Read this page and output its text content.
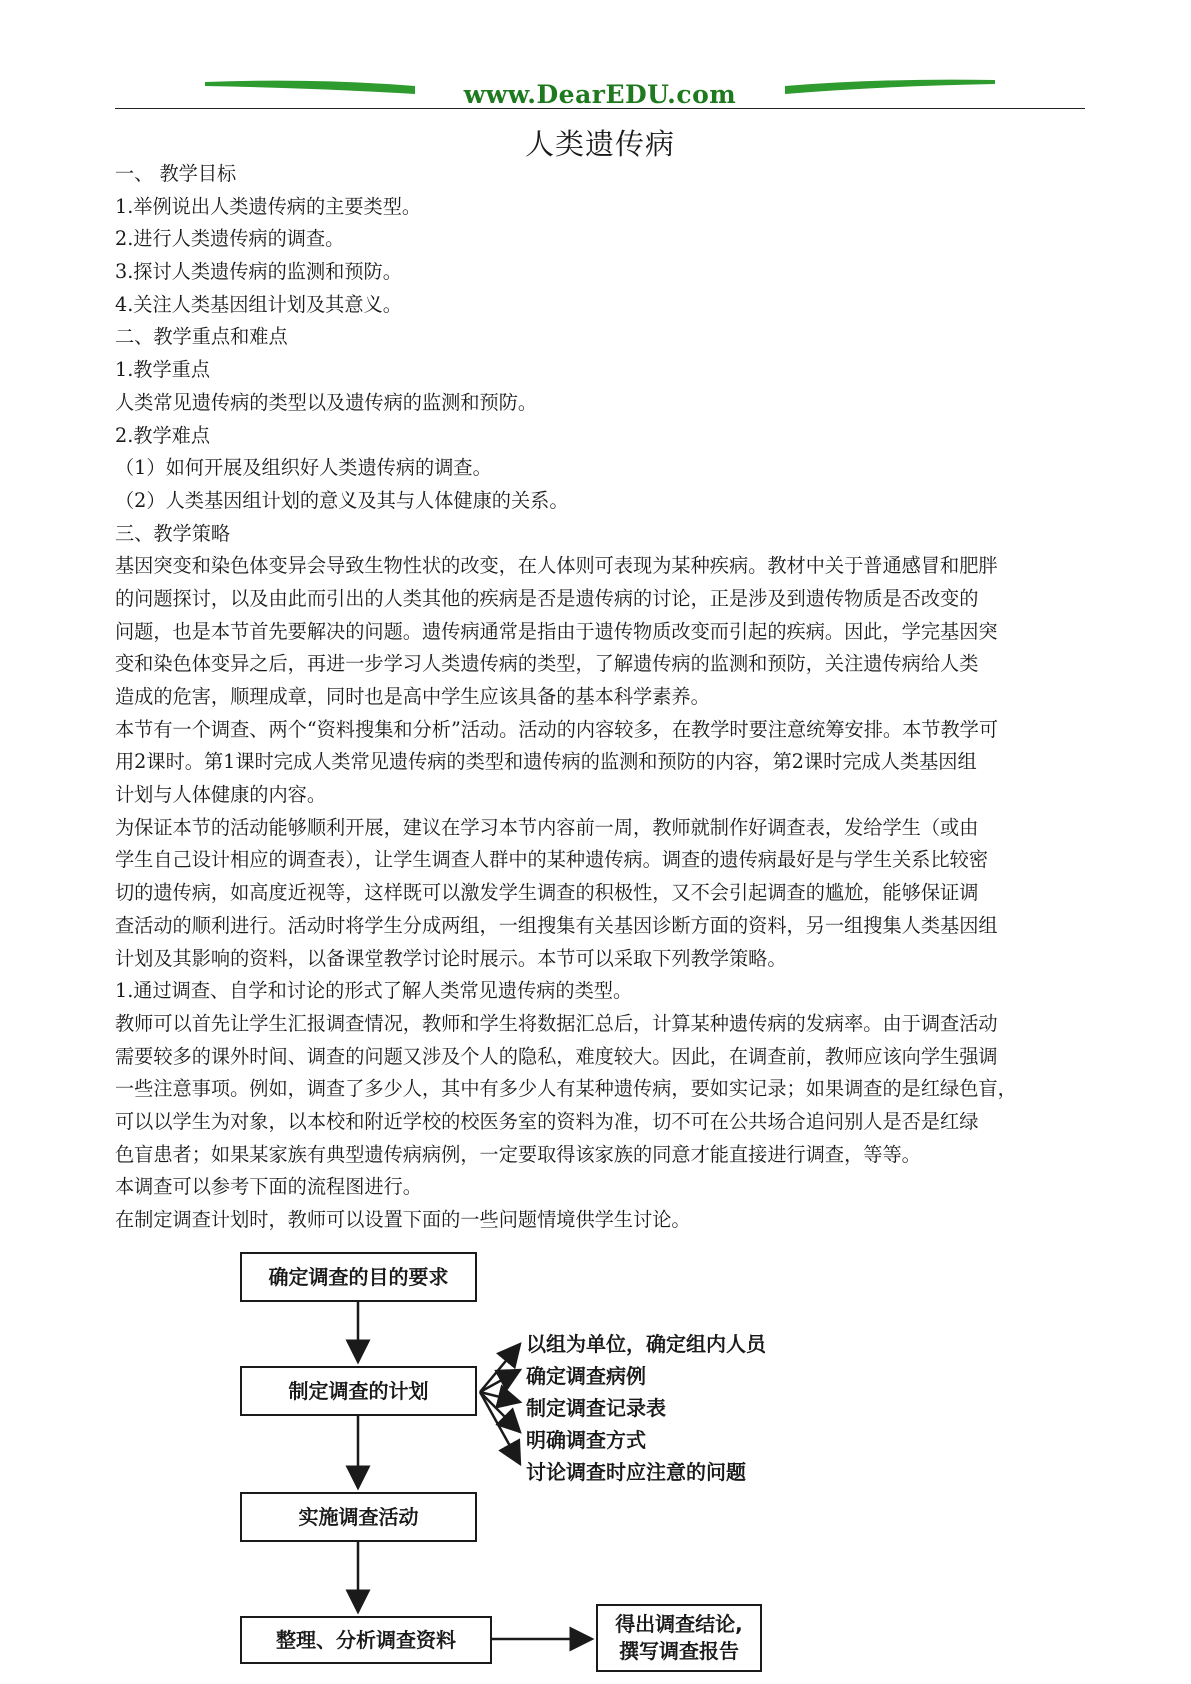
www.DearEDU.com
人类遗传病
一、 教学目标
1.举例说出人类遗传病的主要类型。
2.进行人类遗传病的调查。
3.探讨人类遗传病的监测和预防。
4.关注人类基因组计划及其意义。
二、教学重点和难点
1.教学重点
人类常见遗传病的类型以及遗传病的监测和预防。
2.教学难点
（1）如何开展及组织好人类遗传病的调查。
（2）人类基因组计划的意义及其与人体健康的关系。
三、教学策略
基因突变和染色体变异会导致生物性状的改变，在人体则可表现为某种疾病。教材中关于普通感冒和肥胖
的问题探讨，以及由此而引出的人类其他的疾病是否是遗传病的讨论，正是涉及到遗传物质是否改变的
问题，也是本节首先要解决的问题。遗传病通常是指由于遗传物质改变而引起的疾病。因此，学完基因突
变和染色体变异之后，再进一步学习人类遗传病的类型，了解遗传病的监测和预防，关注遗传病给人类
造成的危害，顺理成章，同时也是高中学生应该具备的基本科学素养。
本节有一个调查、两个“资料搜集和分析”活动。活动的内容较多，在教学时要注意统筹安排。本节教学可
用2课时。第1课时完成人类常见遗传病的类型和遗传病的监测和预防的内容，第2课时完成人类基因组
计划与人体健康的内容。
为保证本节的活动能够顺利开展，建议在学习本节内容前一周，教师就制作好调查表，发给学生（或由
学生自己设计相应的调查表），让学生调查人群中的某种遗传病。调查的遗传病最好是与学生关系比较密
切的遗传病，如高度近视等，这样既可以激发学生调查的积极性，又不会引起调查的尴尬，能够保证调
查活动的顺利进行。活动时将学生分成两组，一组搜集有关基因诊断方面的资料，另一组搜集人类基因组
计划及其影响的资料，以备课堂教学讨论时展示。本节可以采取下列教学策略。
1.通过调查、自学和讨论的形式了解人类常见遗传病的类型。
教师可以首先让学生汇报调查情况，教师和学生将数据汇总后，计算某种遗传病的发病率。由于调查活动
需要较多的课外时间、调查的问题又涉及个人的隐私，难度较大。因此，在调查前，教师应该向学生强调
一些注意事项。例如，调查了多少人，其中有多少人有某种遗传病，要如实记录；如果调查的是红绿色盲，
可以以学生为对象，以本校和附近学校的校医务室的资料为准，切不可在公共场合追问别人是否是红绿
色盲患者；如果某家族有典型遗传病病例，一定要取得该家族的同意才能直接进行调查，等等。
本调查可以参考下面的流程图进行。
在制定调查计划时，教师可以设置下面的一些问题情境供学生讨论。
确定调查的目的要求
制定调查的计划
实施调查活动
整理、分析调查资料
得出调查结论,
撰写调查报告
以组为单位，确定组内人员
确定调查病例
制定调查记录表
明确调查方式
讨论调查时应注意的问题
